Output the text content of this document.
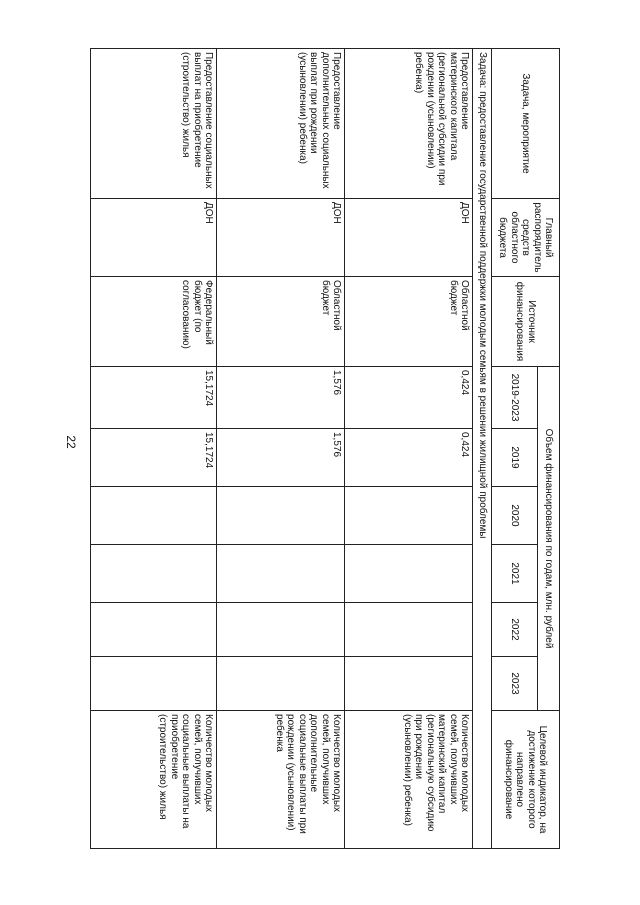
22
Задача, мероприятие	Главный распорядитель средств областного бюджета	Источник финансирования	Объем финансирования по годам, млн. рублей						Целевой индикатор, на достижение которого направлено финансирование
			2019-2023	2019	2020	2021	2022	2023	
Задача: предоставление государственной поддержки молодым семьям в решении жилищной проблемы									
Предоставление материнского капитала (региональной субсидии при рождении (усыновлении) ребенка)	ДОН	Областной бюджет	0,424	0,424					Количество молодых семей, получивших материнский капитал (региональную субсидию при рождении (усыновлении) ребенка)
Предоставление дополнительных социальных выплат при рождении (усыновлении) ребенка)	ДОН	Областной бюджет	1,576	1,576					Количество молодых семей, получивших дополнительные социальные выплаты при рождении (усыновлении) ребенка
Предоставление социальных выплат на приобретение (строительство) жилья	ДОН	Федеральный бюджет (по согласованию)	15,1724	15,1724					Количество молодых семей, получивших социальные выплаты на приобретение (строительство) жилья
